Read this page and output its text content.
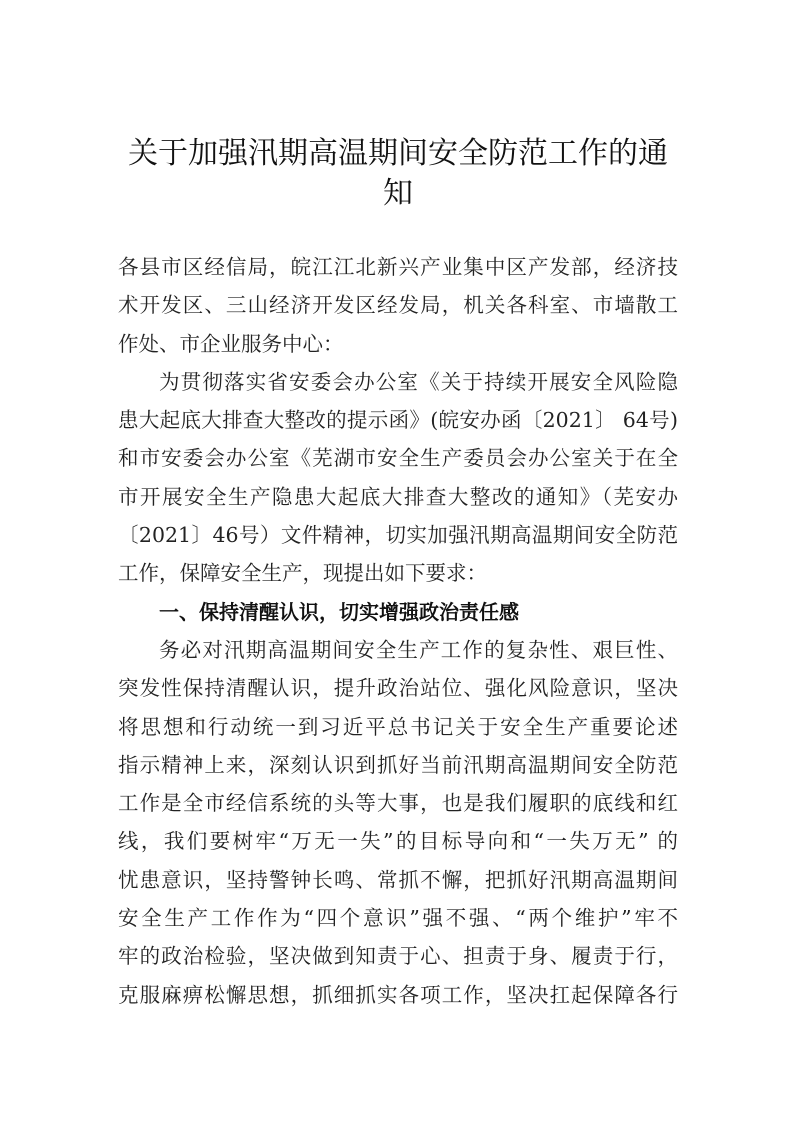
关于加强汛期高温期间安全防范工作的通
知
各县市区经信局，皖江江北新兴产业集中区产发部，经济技
术开发区、三山经济开发区经发局，机关各科室、市墙散工
作处、市企业服务中心：
为贯彻落实省安委会办公室《关于持续开展安全风险隐
患大起底大排查大整改的提示函》(皖安办函〔2021〕 64号)
和市安委会办公室《芜湖市安全生产委员会办公室关于在全
市开展安全生产隐患大起底大排查大整改的通知》（芜安办
〔2021〕46号）文件精神，切实加强汛期高温期间安全防范
工作，保障安全生产，现提出如下要求：
一、保持清醒认识，切实增强政治责任感
务必对汛期高温期间安全生产工作的复杂性、艰巨性、
突发性保持清醒认识，提升政治站位、强化风险意识，坚决
将思想和行动统一到习近平总书记关于安全生产重要论述
指示精神上来，深刻认识到抓好当前汛期高温期间安全防范
工作是全市经信系统的头等大事，也是我们履职的底线和红
线，我们要树牢“万无一失”的目标导向和“一失万无” 的
忧患意识，坚持警钟长鸣、常抓不懈，把抓好汛期高温期间
安全生产工作作为“四个意识”强不强、“两个维护”牢不
牢的政治检验，坚决做到知责于心、担责于身、履责于行，
克服麻痹松懈思想，抓细抓实各项工作，坚决扛起保障各行
